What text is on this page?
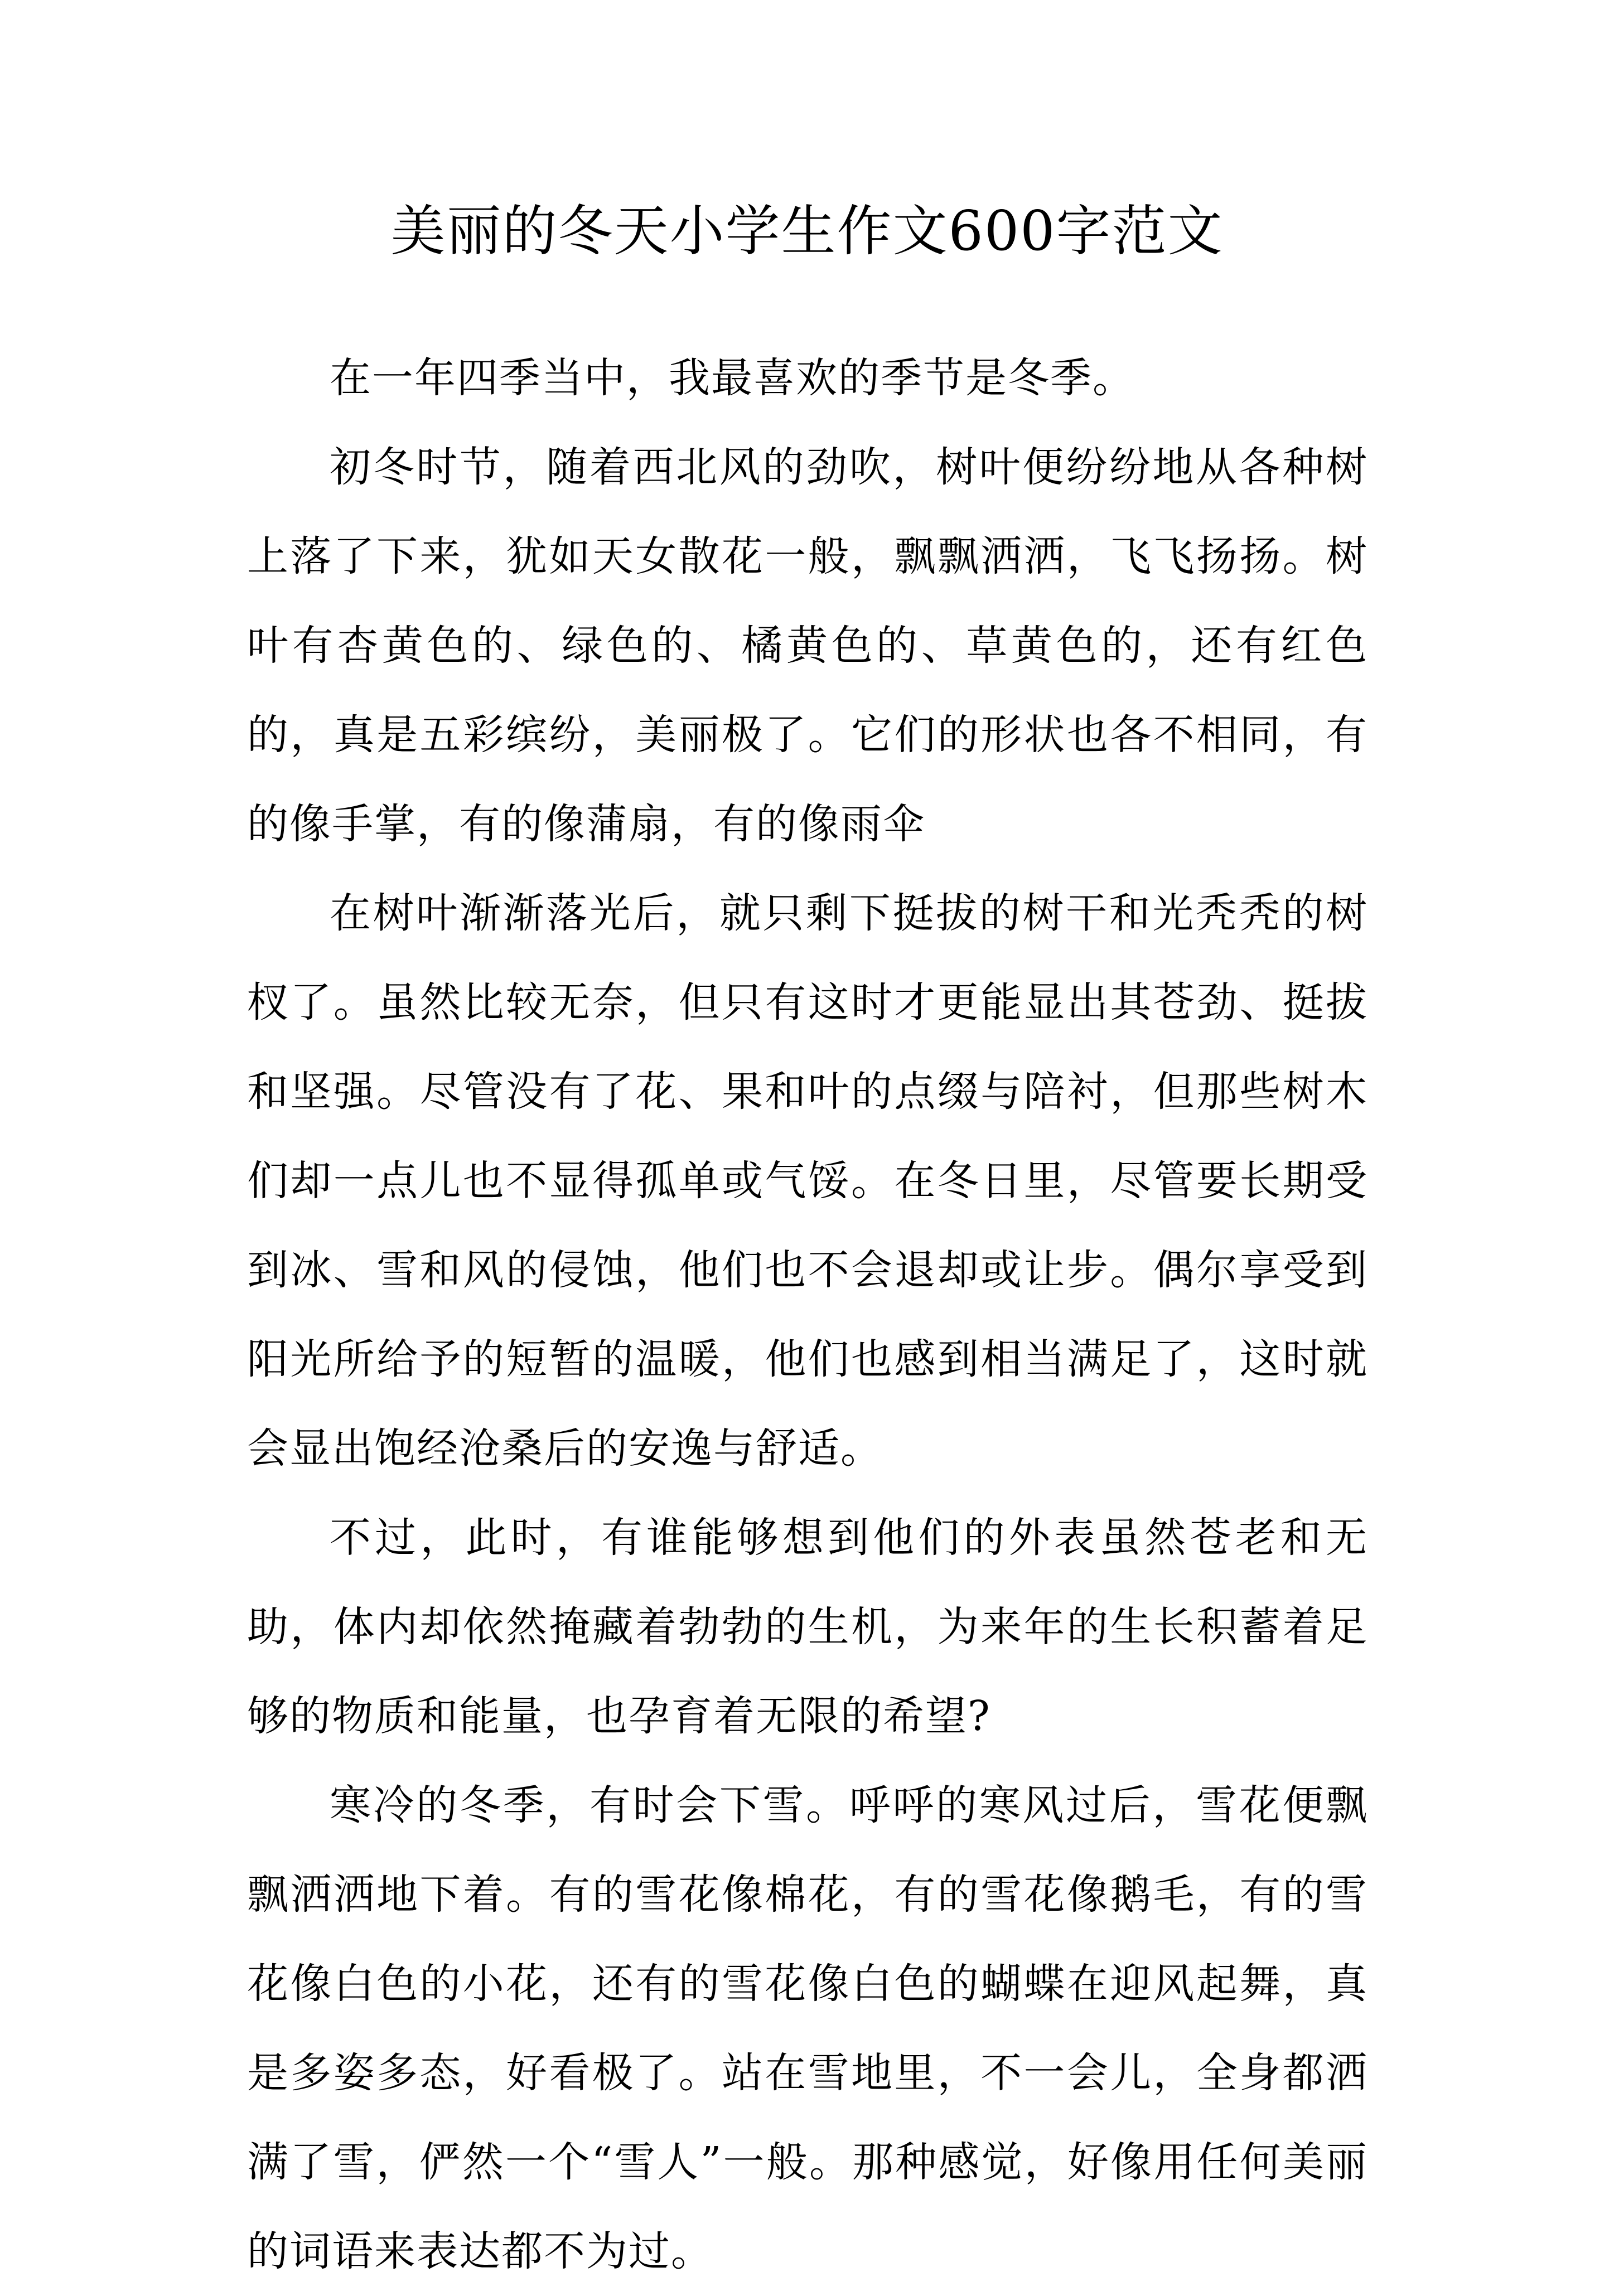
美丽的冬天小学生作文600字范文

在一年四季当中，我最喜欢的季节是冬季。

初冬时节，随着西北风的劲吹，树叶便纷纷地从各种树上落了下来，犹如天女散花一般，飘飘洒洒，飞飞扬扬。树叶有杏黄色的、绿色的、橘黄色的、草黄色的，还有红色的，真是五彩缤纷，美丽极了。它们的形状也各不相同，有的像手掌，有的像蒲扇，有的像雨伞

在树叶渐渐落光后，就只剩下挺拔的树干和光秃秃的树杈了。虽然比较无奈，但只有这时才更能显出其苍劲、挺拔和坚强。尽管没有了花、果和叶的点缀与陪衬，但那些树木们却一点儿也不显得孤单或气馁。在冬日里，尽管要长期受到冰、雪和风的侵蚀，他们也不会退却或让步。偶尔享受到阳光所给予的短暂的温暖，他们也感到相当满足了，这时就会显出饱经沧桑后的安逸与舒适。

不过，此时，有谁能够想到他们的外表虽然苍老和无助，体内却依然掩藏着勃勃的生机，为来年的生长积蓄着足够的物质和能量，也孕育着无限的希望?

寒冷的冬季，有时会下雪。呼呼的寒风过后，雪花便飘飘洒洒地下着。有的雪花像棉花，有的雪花像鹅毛，有的雪花像白色的小花，还有的雪花像白色的蝴蝶在迎风起舞，真是多姿多态，好看极了。站在雪地里，不一会儿，全身都洒满了雪，俨然一个“雪人”一般。那种感觉，好像用任何美丽的词语来表达都不为过。
